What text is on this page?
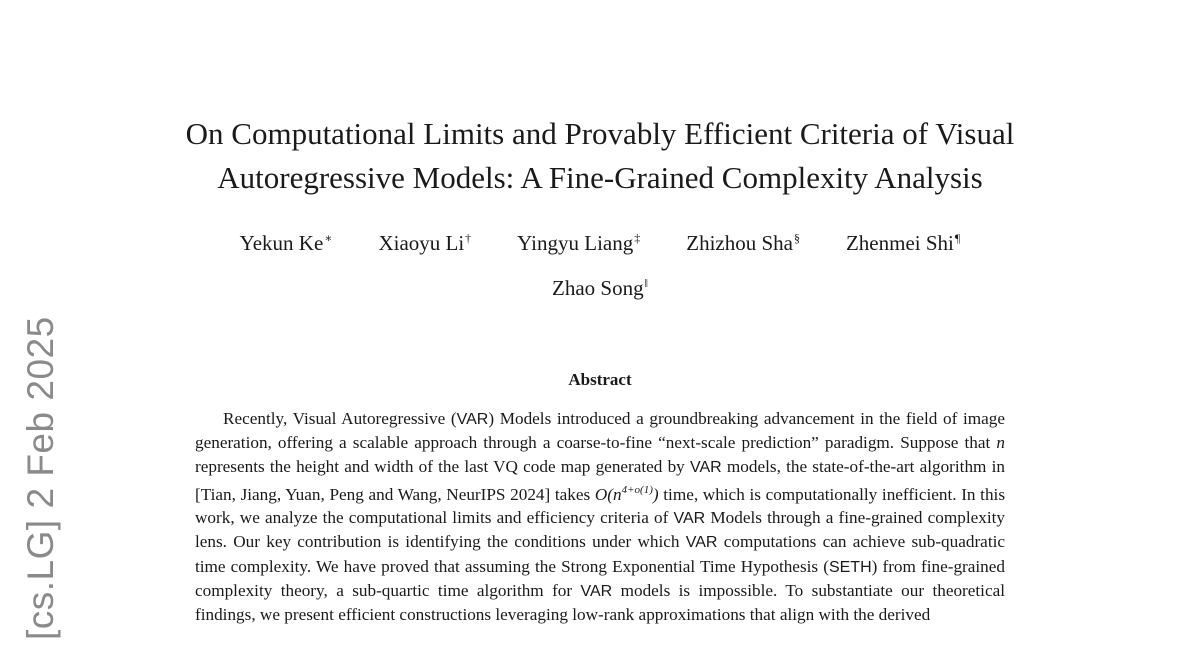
[cs.LG] 2 Feb 2025
On Computational Limits and Provably Efficient Criteria of Visual
Autoregressive Models: A Fine-Grained Complexity Analysis
Yekun Ke∗ Xiaoyu Li† Yingyu Liang‡ Zhizhou Sha§ Zhenmei Shi¶
Zhao Song‖
Abstract
Recently, Visual Autoregressive (VAR) Models introduced a groundbreaking advancement in the field of image generation, offering a scalable approach through a coarse-to-fine “next-scale prediction” paradigm. Suppose that n represents the height and width of the last VQ code map generated by VAR models, the state-of-the-art algorithm in [Tian, Jiang, Yuan, Peng and Wang, NeurIPS 2024] takes $O(n^{4+o(1)})$ time, which is computationally inefficient. In this work, we analyze the computational limits and efficiency criteria of VAR Models through a fine-grained complexity lens. Our key contribution is identifying the conditions under which VAR computations can achieve sub-quadratic time complexity. We have proved that assuming the Strong Exponential Time Hypothesis (SETH) from fine-grained complexity theory, a sub-quartic time algorithm for VAR models is impossible. To substantiate our theoretical findings, we present efficient constructions leveraging low-rank approximations that align with the derived
